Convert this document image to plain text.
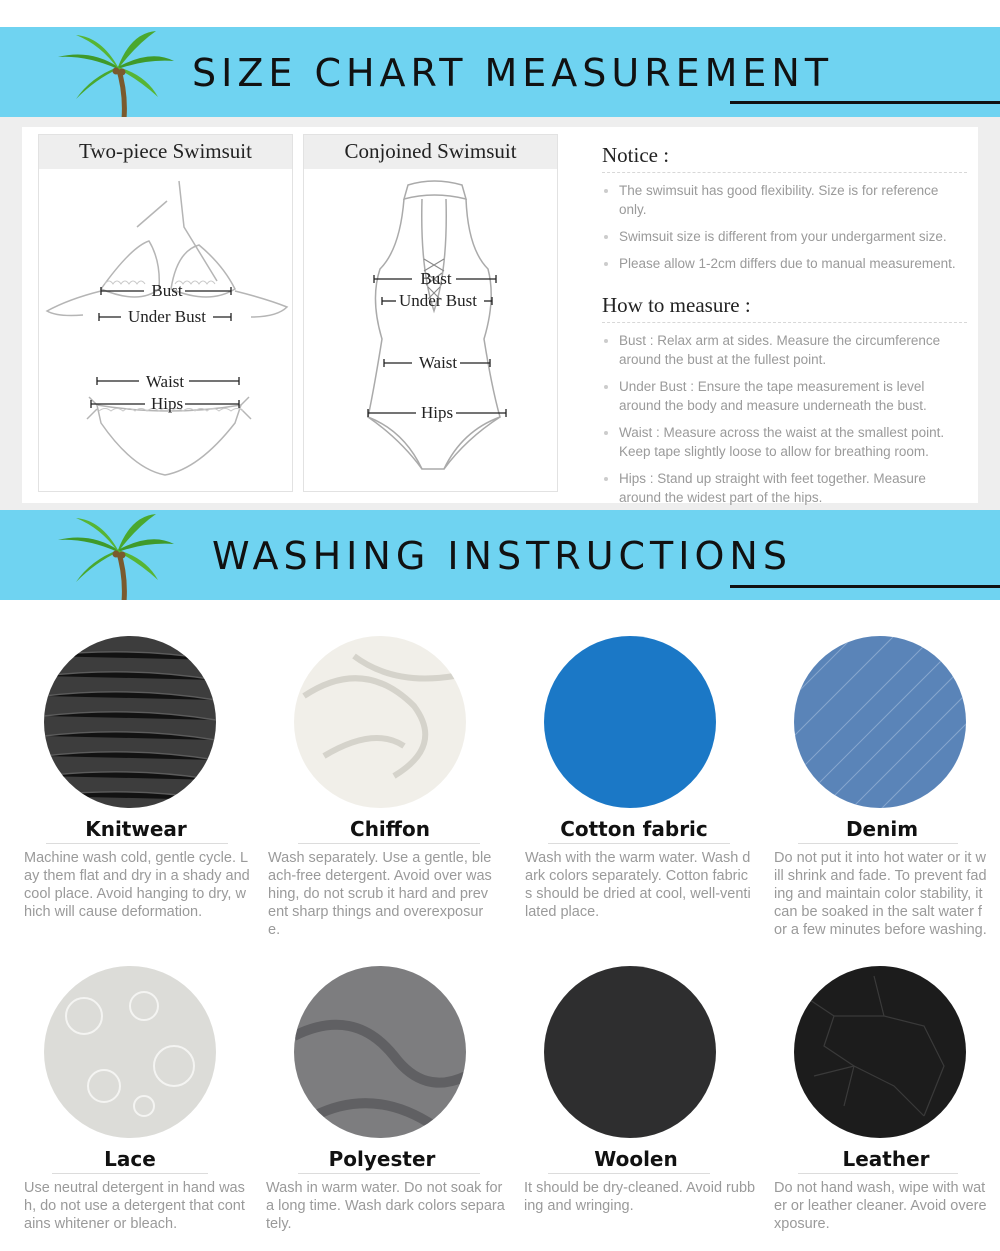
SIZE CHART MEASUREMENT
Two-piece Swimsuit
Bust
Under Bust
Waist
Hips
Conjoined Swimsuit
Bust
Under Bust
Waist
Hips
Notice :
The swimsuit has good flexibility. Size is for reference only.
Swimsuit size is different from your undergarment size.
Please allow 1-2cm differs due to manual measurement.
How to measure :
Bust : Relax arm at sides. Measure the circumference around the bust at the fullest point.
Under Bust : Ensure the tape measurement is level around the body and measure underneath the bust.
Waist : Measure across the waist at the smallest point. Keep tape slightly loose to allow for breathing room.
Hips : Stand up straight with feet together. Measure around the widest part of the hips.
WASHING INSTRUCTIONS
Knitwear
Machine wash cold, gentle cycle. Lay them flat and dry in a shady and cool place. Avoid hanging to dry, which will cause deformation.
Chiffon
Wash separately. Use a gentle, bleach-free detergent. Avoid over washing, do not scrub it hard and prevent sharp things and overexposure.
Cotton fabric
Wash with the warm water. Wash dark colors separately. Cotton fabrics should be dried at cool, well-ventilated place.
Denim
Do not put it into hot water or it will shrink and fade. To prevent fading and maintain color stability, it can be soaked in the salt water for a few minutes before washing.
Lace
Use neutral detergent in hand wash, do not use a detergent that contains whitener or bleach.
Polyester
Wash in warm water. Do not soak for a long time. Wash dark colors separately.
Woolen
It should be dry-cleaned. Avoid rubbing and wringing.
Leather
Do not hand wash, wipe with water or leather cleaner. Avoid overexposure.
